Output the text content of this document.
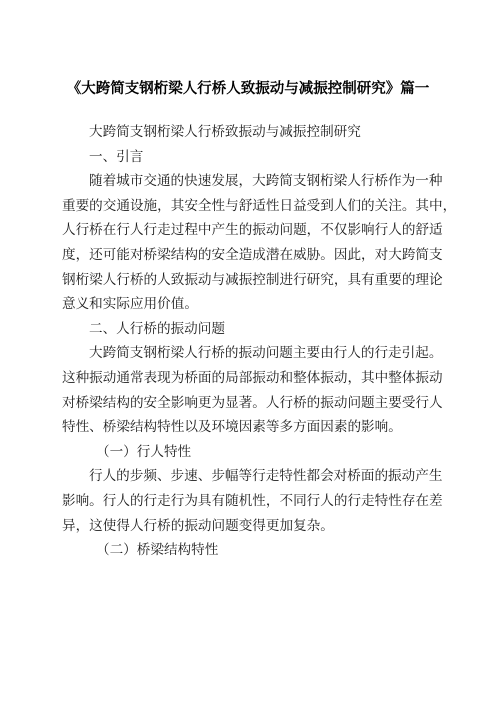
《大跨简支钢桁梁人行桥人致振动与减振控制研究》篇一
大跨简支钢桁梁人行桥致振动与减振控制研究
一、引言
随着城市交通的快速发展，大跨简支钢桁梁人行桥作为一种
重要的交通设施，其安全性与舒适性日益受到人们的关注。其中，
人行桥在行人行走过程中产生的振动问题，不仅影响行人的舒适
度，还可能对桥梁结构的安全造成潜在威胁。因此，对大跨简支
钢桁梁人行桥的人致振动与减振控制进行研究，具有重要的理论
意义和实际应用价值。
二、人行桥的振动问题
大跨简支钢桁梁人行桥的振动问题主要由行人的行走引起。
这种振动通常表现为桥面的局部振动和整体振动，其中整体振动
对桥梁结构的安全影响更为显著。人行桥的振动问题主要受行人
特性、桥梁结构特性以及环境因素等多方面因素的影响。
（一）行人特性
行人的步频、步速、步幅等行走特性都会对桥面的振动产生
影响。行人的行走行为具有随机性，不同行人的行走特性存在差
异，这使得人行桥的振动问题变得更加复杂。
（二）桥梁结构特性
